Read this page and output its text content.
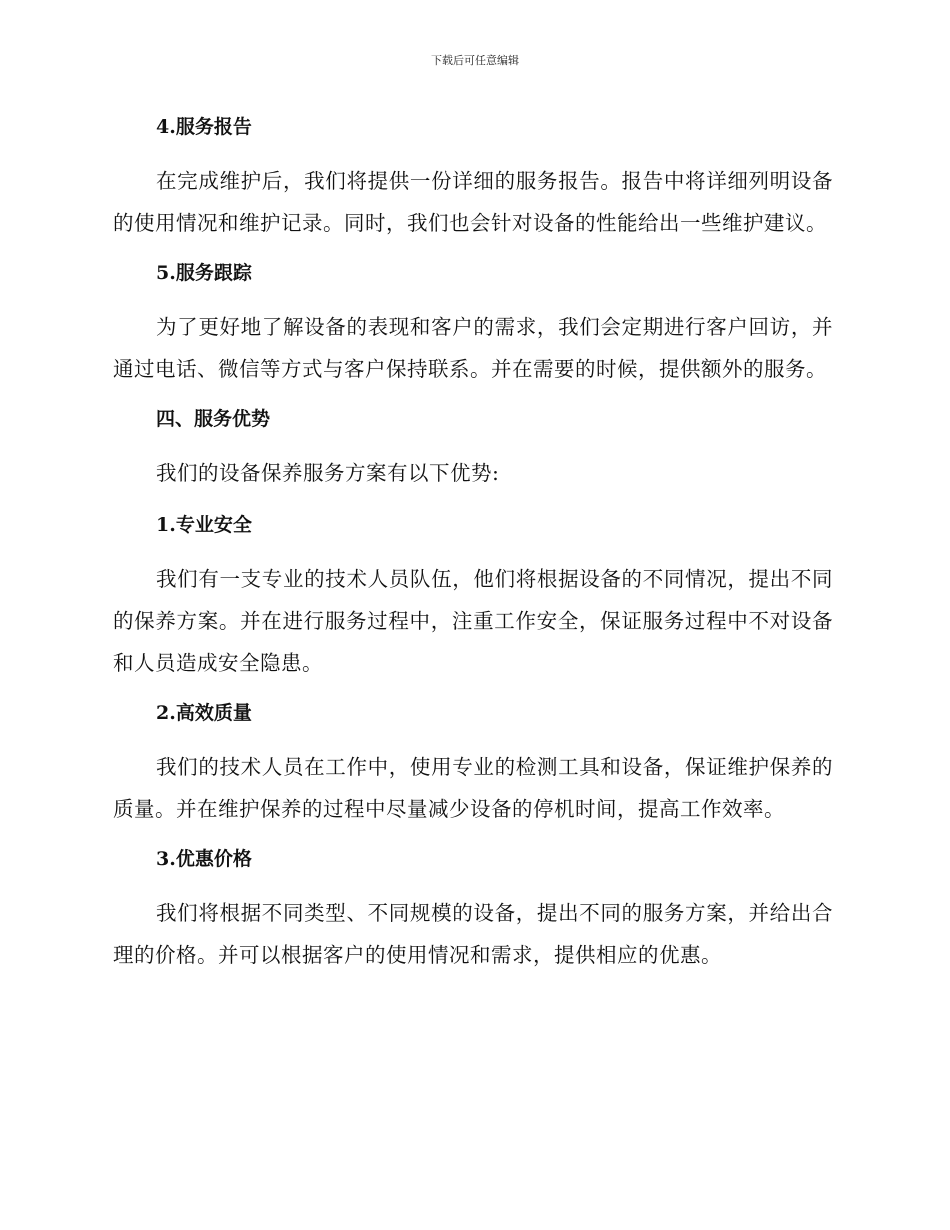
下载后可任意编辑
4.服务报告

在完成维护后，我们将提供一份详细的服务报告。报告中将详细列明设备的使用情况和维护记录。同时，我们也会针对设备的性能给出一些维护建议。

5.服务跟踪

为了更好地了解设备的表现和客户的需求，我们会定期进行客户回访，并通过电话、微信等方式与客户保持联系。并在需要的时候，提供额外的服务。

四、服务优势

我们的设备保养服务方案有以下优势:

1.专业安全

我们有一支专业的技术人员队伍，他们将根据设备的不同情况，提出不同的保养方案。并在进行服务过程中，注重工作安全，保证服务过程中不对设备和人员造成安全隐患。

2.高效质量

我们的技术人员在工作中，使用专业的检测工具和设备，保证维护保养的质量。并在维护保养的过程中尽量减少设备的停机时间，提高工作效率。

3.优惠价格

我们将根据不同类型、不同规模的设备，提出不同的服务方案，并给出合理的价格。并可以根据客户的使用情况和需求，提供相应的优惠。
